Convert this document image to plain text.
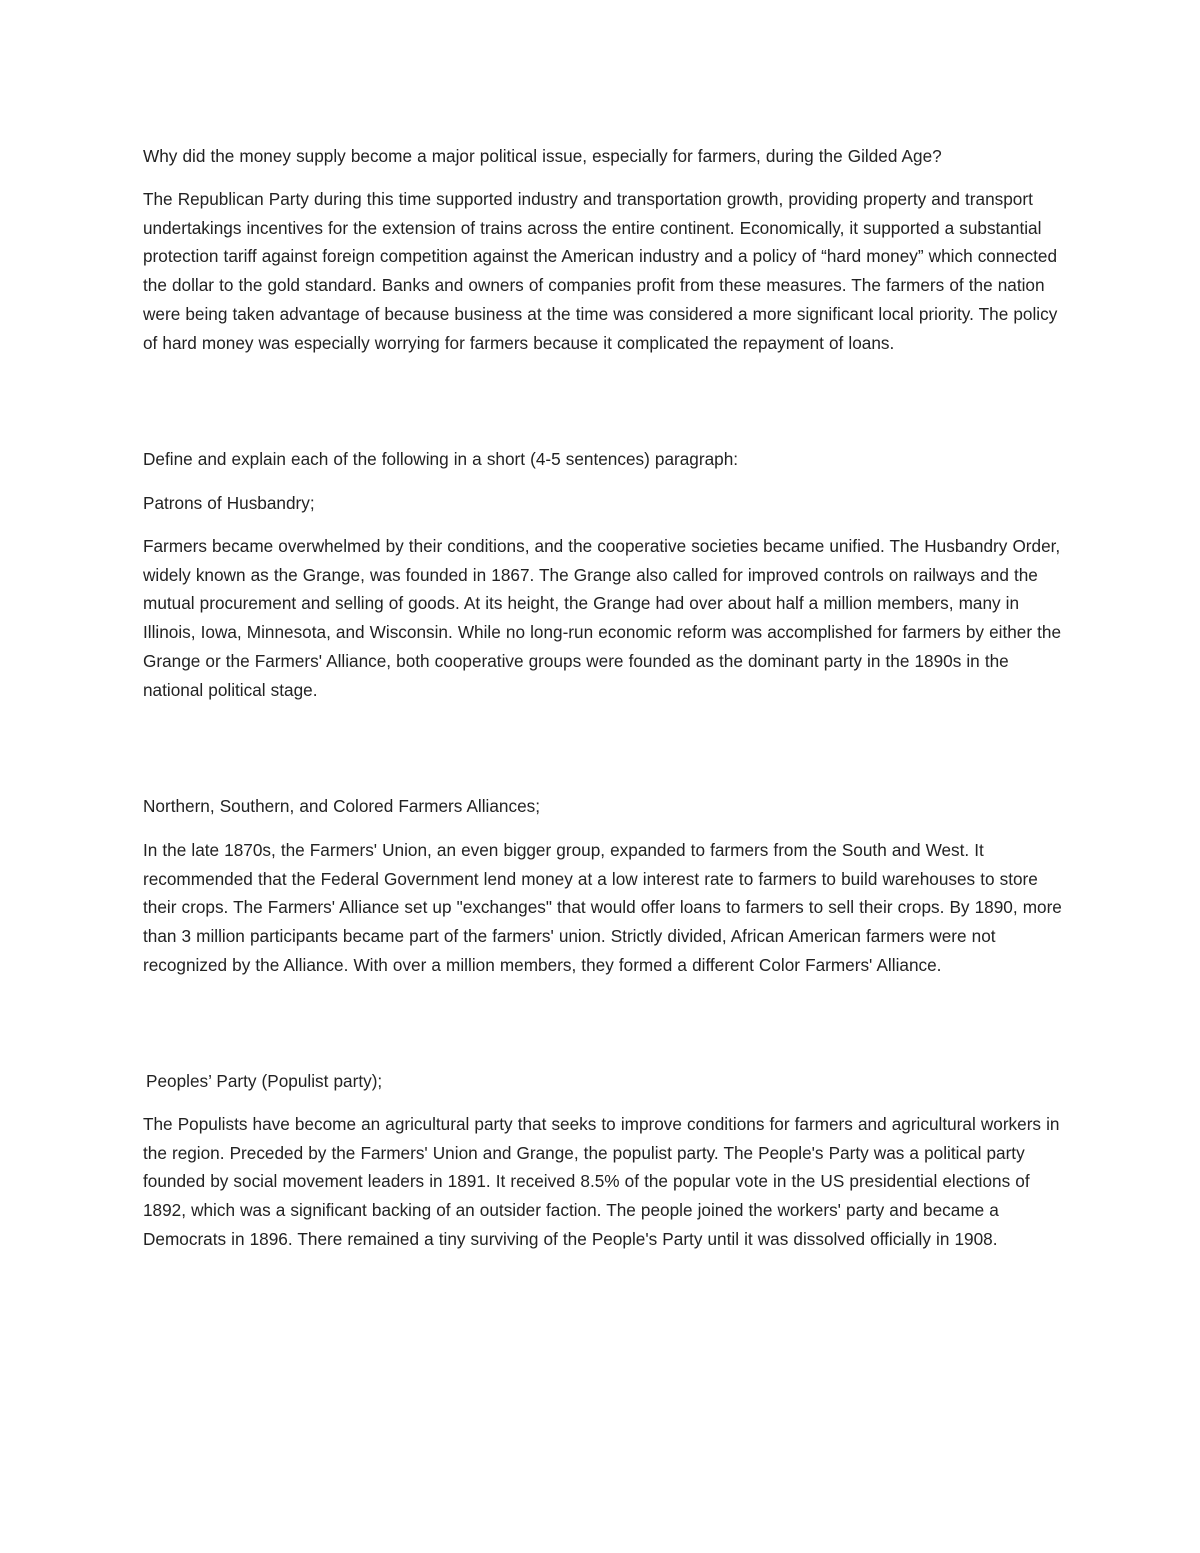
Why did the money supply become a major political issue, especially for farmers, during the Gilded Age?

The Republican Party during this time supported industry and transportation growth, providing property and transport undertakings incentives for the extension of trains across the entire continent. Economically, it supported a substantial protection tariff against foreign competition against the American industry and a policy of “hard money” which connected the dollar to the gold standard. Banks and owners of companies profit from these measures. The farmers of the nation were being taken advantage of because business at the time was considered a more significant local priority. The policy of hard money was especially worrying for farmers because it complicated the repayment of loans.

Define and explain each of the following in a short (4-5 sentences) paragraph:

Patrons of Husbandry;

Farmers became overwhelmed by their conditions, and the cooperative societies became unified. The Husbandry Order, widely known as the Grange, was founded in 1867. The Grange also called for improved controls on railways and the mutual procurement and selling of goods. At its height, the Grange had over about half a million members, many in Illinois, Iowa, Minnesota, and Wisconsin. While no long-run economic reform was accomplished for farmers by either the Grange or the Farmers' Alliance, both cooperative groups were founded as the dominant party in the 1890s in the national political stage.

Northern, Southern, and Colored Farmers Alliances;

In the late 1870s, the Farmers' Union, an even bigger group, expanded to farmers from the South and West. It recommended that the Federal Government lend money at a low interest rate to farmers to build warehouses to store their crops. The Farmers' Alliance set up "exchanges" that would offer loans to farmers to sell their crops. By 1890, more than 3 million participants became part of the farmers' union. Strictly divided, African American farmers were not recognized by the Alliance. With over a million members, they formed a different Color Farmers' Alliance.

Peoples’ Party (Populist party);

The Populists have become an agricultural party that seeks to improve conditions for farmers and agricultural workers in the region. Preceded by the Farmers' Union and Grange, the populist party. The People's Party was a political party founded by social movement leaders in 1891. It received 8.5% of the popular vote in the US presidential elections of 1892, which was a significant backing of an outsider faction. The people joined the workers' party and became a Democrats in 1896. There remained a tiny surviving of the People's Party until it was dissolved officially in 1908.
